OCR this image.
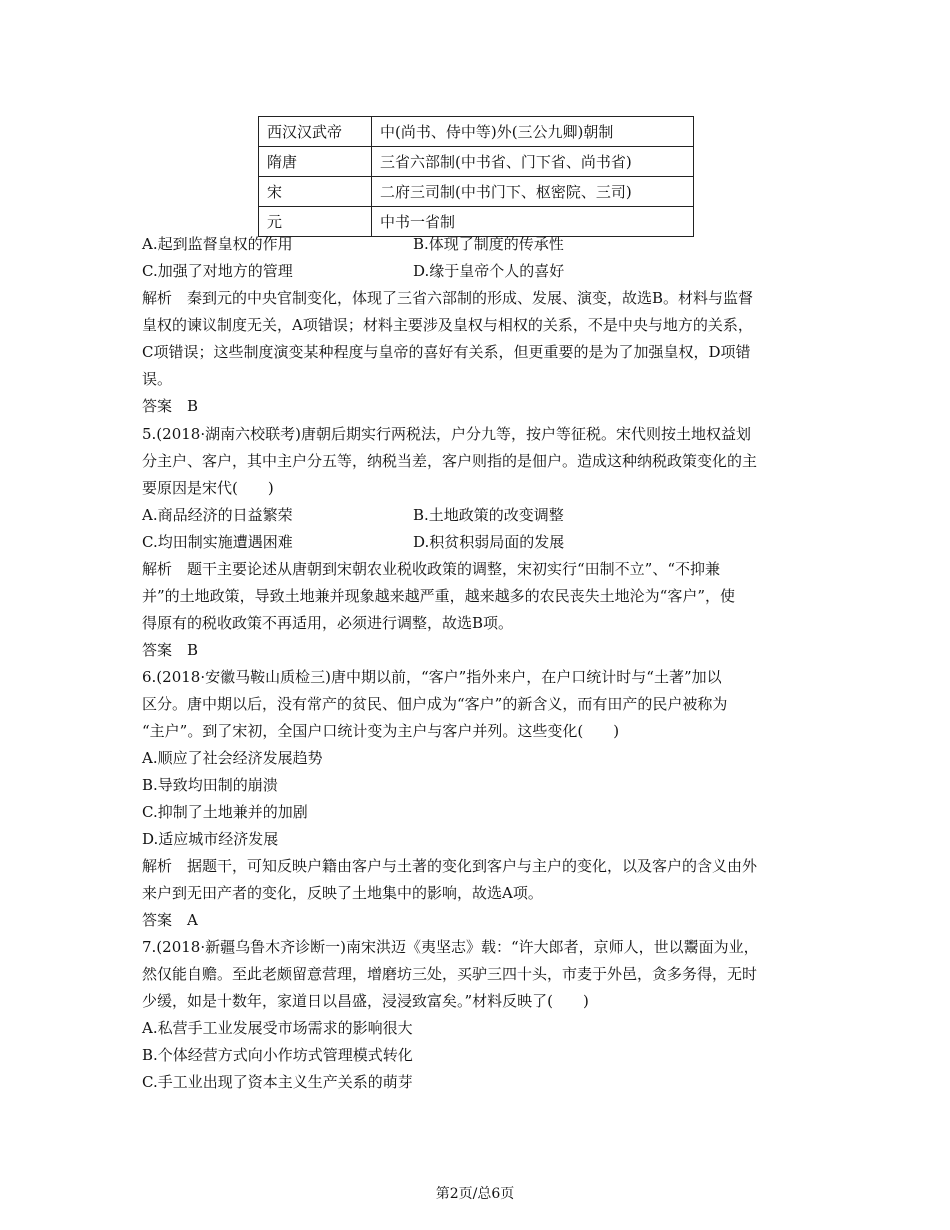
西汉汉武帝	中(尚书、侍中等)外(三公九卿)朝制
隋唐	三省六部制(中书省、门下省、尚书省)
宋	二府三司制(中书门下、枢密院、三司)
元	中书一省制
A.起到监督皇权的作用	B.体现了制度的传承性
C.加强了对地方的管理	D.缘于皇帝个人的喜好
解析　秦到元的中央官制变化，体现了三省六部制的形成、发展、演变，故选B。材料与监督
皇权的谏议制度无关，A项错误；材料主要涉及皇权与相权的关系，不是中央与地方的关系，
C项错误；这些制度演变某种程度与皇帝的喜好有关系，但更重要的是为了加强皇权，D项错
误。
答案　B
5.(2018·湖南六校联考)唐朝后期实行两税法，户分九等，按户等征税。宋代则按土地权益划
分主户、客户，其中主户分五等，纳税当差，客户则指的是佃户。造成这种纳税政策变化的主
要原因是宋代(　　)
A.商品经济的日益繁荣	B.土地政策的改变调整
C.均田制实施遭遇困难	D.积贫积弱局面的发展
解析　题干主要论述从唐朝到宋朝农业税收政策的调整，宋初实行“田制不立”、“不抑兼
并”的土地政策，导致土地兼并现象越来越严重，越来越多的农民丧失土地沦为“客户”，使
得原有的税收政策不再适用，必须进行调整，故选B项。
答案　B
6.(2018·安徽马鞍山质检三)唐中期以前，“客户”指外来户，在户口统计时与“土著”加以
区分。唐中期以后，没有常产的贫民、佃户成为“客户”的新含义，而有田产的民户被称为
“主户”。到了宋初，全国户口统计变为主户与客户并列。这些变化(　　)
A.顺应了社会经济发展趋势
B.导致均田制的崩溃
C.抑制了土地兼并的加剧
D.适应城市经济发展
解析　据题干，可知反映户籍由客户与土著的变化到客户与主户的变化，以及客户的含义由外
来户到无田产者的变化，反映了土地集中的影响，故选A项。
答案　A
7.(2018·新疆乌鲁木齐诊断一)南宋洪迈《夷坚志》载：“许大郎者，京师人，世以鬻面为业，
然仅能自赡。至此老颇留意营理，增磨坊三处，买驴三四十头，市麦于外邑，贪多务得，无时
少缓，如是十数年，家道日以昌盛，浸浸致富矣。”材料反映了(　　)
A.私营手工业发展受市场需求的影响很大
B.个体经营方式向小作坊式管理模式转化
C.手工业出现了资本主义生产关系的萌芽
第2页/总6页
